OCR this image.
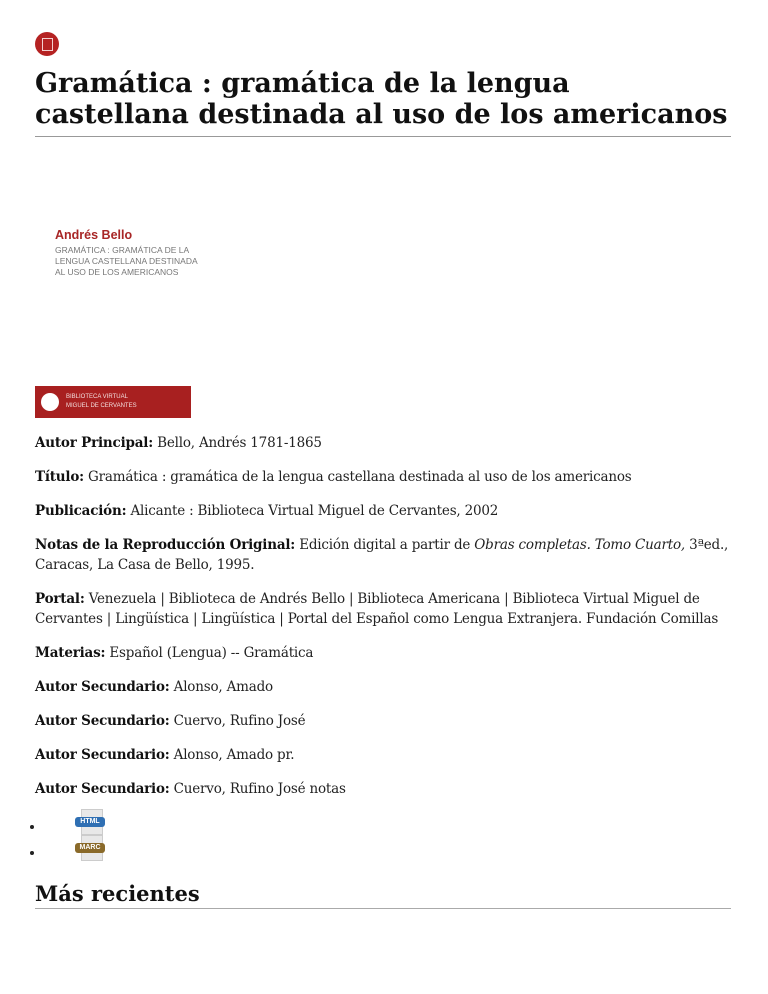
Gramática : gramática de la lengua castellana destinada al uso de los americanos
Andrés Bello
GRAMÁTICA : GRAMÁTICA DE LA LENGUA CASTELLANA DESTINADA AL USO DE LOS AMERICANOS
BIBLIOTECA VIRTUAL
MIGUEL DE CERVANTES

Autor Principal: Bello, Andrés 1781-1865

Título: Gramática : gramática de la lengua castellana destinada al uso de los americanos

Publicación: Alicante : Biblioteca Virtual Miguel de Cervantes, 2002

Notas de la Reproducción Original: Edición digital a partir de Obras completas. Tomo Cuarto, 3ªed., Caracas, La Casa de Bello, 1995.

Portal: Venezuela | Biblioteca de Andrés Bello | Biblioteca Americana | Biblioteca Virtual Miguel de Cervantes | Lingüística | Lingüística | Portal del Español como Lengua Extranjera. Fundación Comillas

Materias: Español (Lengua) -- Gramática

Autor Secundario: Alonso, Amado

Autor Secundario: Cuervo, Rufino José

Autor Secundario: Alonso, Amado pr.

Autor Secundario: Cuervo, Rufino José notas

• HTML
• MARC
Más recientes
